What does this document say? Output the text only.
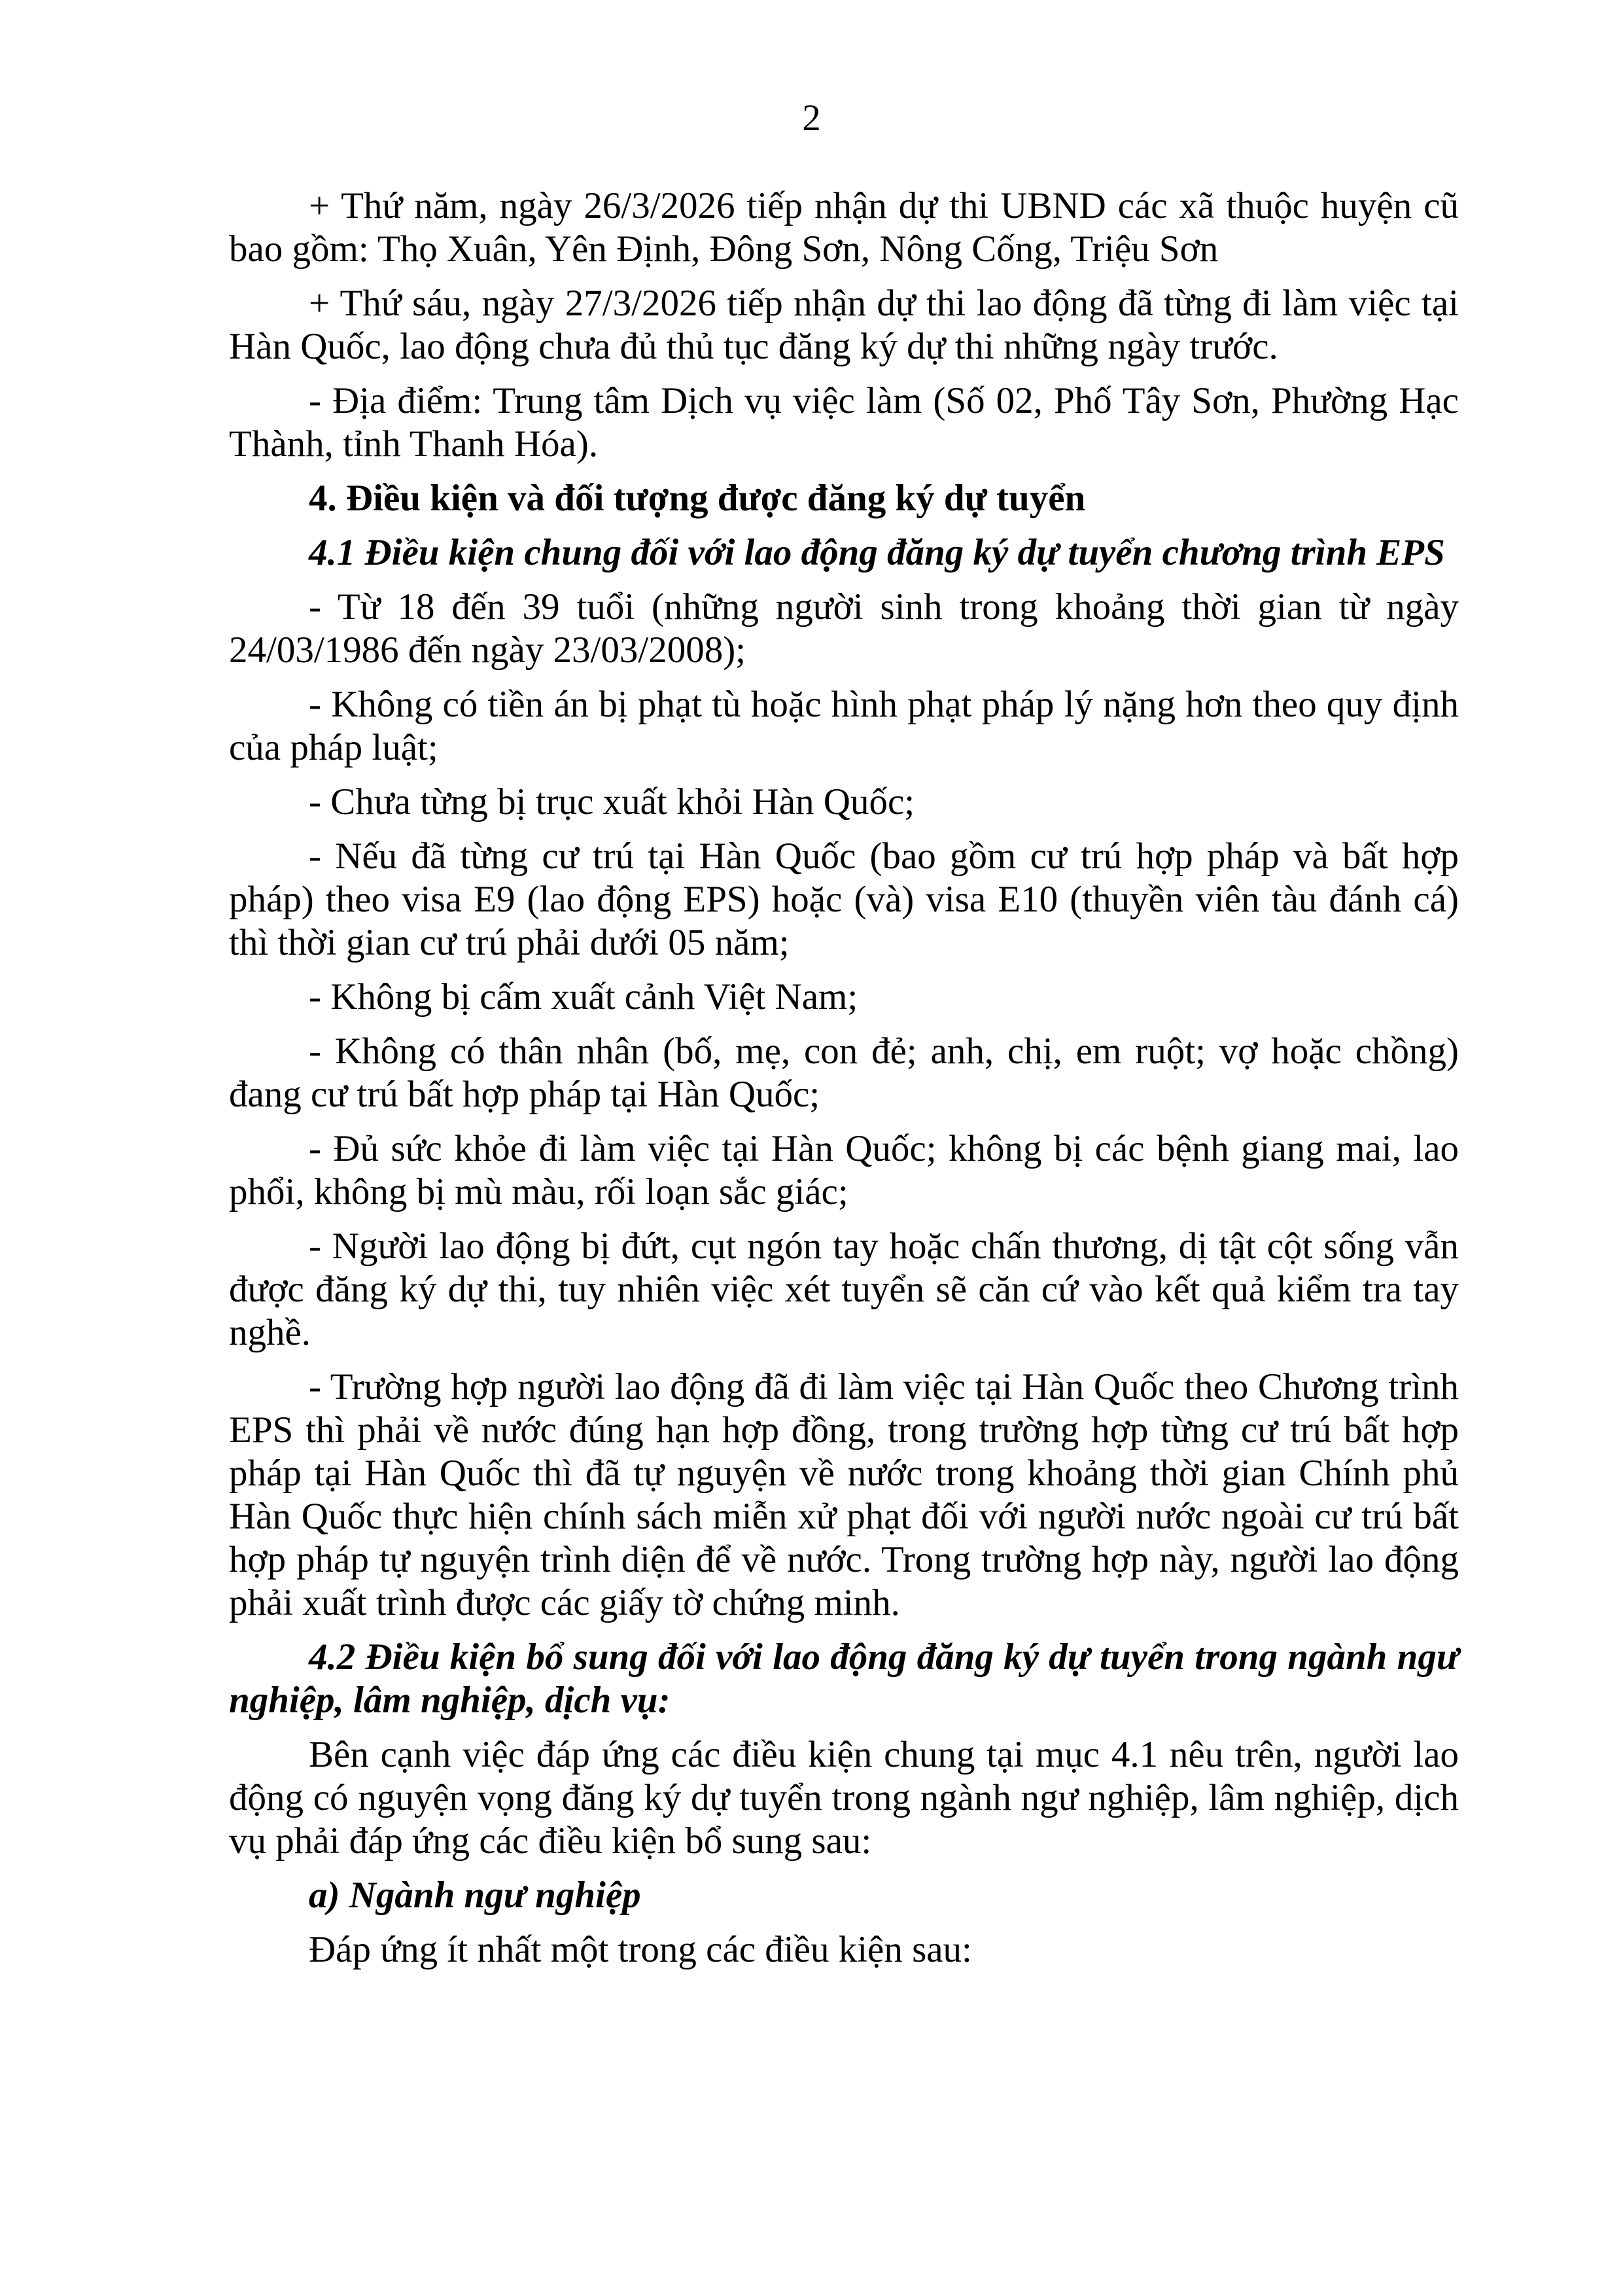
2

+ Thứ năm, ngày 26/3/2026 tiếp nhận dự thi UBND các xã thuộc huyện cũ bao gồm: Thọ Xuân, Yên Định, Đông Sơn, Nông Cống, Triệu Sơn

+ Thứ sáu, ngày 27/3/2026 tiếp nhận dự thi lao động đã từng đi làm việc tại Hàn Quốc, lao động chưa đủ thủ tục đăng ký dự thi những ngày trước.

- Địa điểm: Trung tâm Dịch vụ việc làm (Số 02, Phố Tây Sơn, Phường Hạc Thành, tỉnh Thanh Hóa).

4. Điều kiện và đối tượng được đăng ký dự tuyển

4.1 Điều kiện chung đối với lao động đăng ký dự tuyển chương trình EPS

- Từ 18 đến 39 tuổi (những người sinh trong khoảng thời gian từ ngày 24/03/1986 đến ngày 23/03/2008);

- Không có tiền án bị phạt tù hoặc hình phạt pháp lý nặng hơn theo quy định của pháp luật;

- Chưa từng bị trục xuất khỏi Hàn Quốc;

- Nếu đã từng cư trú tại Hàn Quốc (bao gồm cư trú hợp pháp và bất hợp pháp) theo visa E9 (lao động EPS) hoặc (và) visa E10 (thuyền viên tàu đánh cá) thì thời gian cư trú phải dưới 05 năm;

- Không bị cấm xuất cảnh Việt Nam;

- Không có thân nhân (bố, mẹ, con đẻ; anh, chị, em ruột; vợ hoặc chồng) đang cư trú bất hợp pháp tại Hàn Quốc;

- Đủ sức khỏe đi làm việc tại Hàn Quốc; không bị các bệnh giang mai, lao phổi, không bị mù màu, rối loạn sắc giác;

- Người lao động bị đứt, cụt ngón tay hoặc chấn thương, dị tật cột sống vẫn được đăng ký dự thi, tuy nhiên việc xét tuyển sẽ căn cứ vào kết quả kiểm tra tay nghề.

- Trường hợp người lao động đã đi làm việc tại Hàn Quốc theo Chương trình EPS thì phải về nước đúng hạn hợp đồng, trong trường hợp từng cư trú bất hợp pháp tại Hàn Quốc thì đã tự nguyện về nước trong khoảng thời gian Chính phủ Hàn Quốc thực hiện chính sách miễn xử phạt đối với người nước ngoài cư trú bất hợp pháp tự nguyện trình diện để về nước. Trong trường hợp này, người lao động phải xuất trình được các giấy tờ chứng minh.

4.2 Điều kiện bổ sung đối với lao động đăng ký dự tuyển trong ngành ngư nghiệp, lâm nghiệp, dịch vụ:

Bên cạnh việc đáp ứng các điều kiện chung tại mục 4.1 nêu trên, người lao động có nguyện vọng đăng ký dự tuyển trong ngành ngư nghiệp, lâm nghiệp, dịch vụ phải đáp ứng các điều kiện bổ sung sau:

a) Ngành ngư nghiệp

Đáp ứng ít nhất một trong các điều kiện sau:
